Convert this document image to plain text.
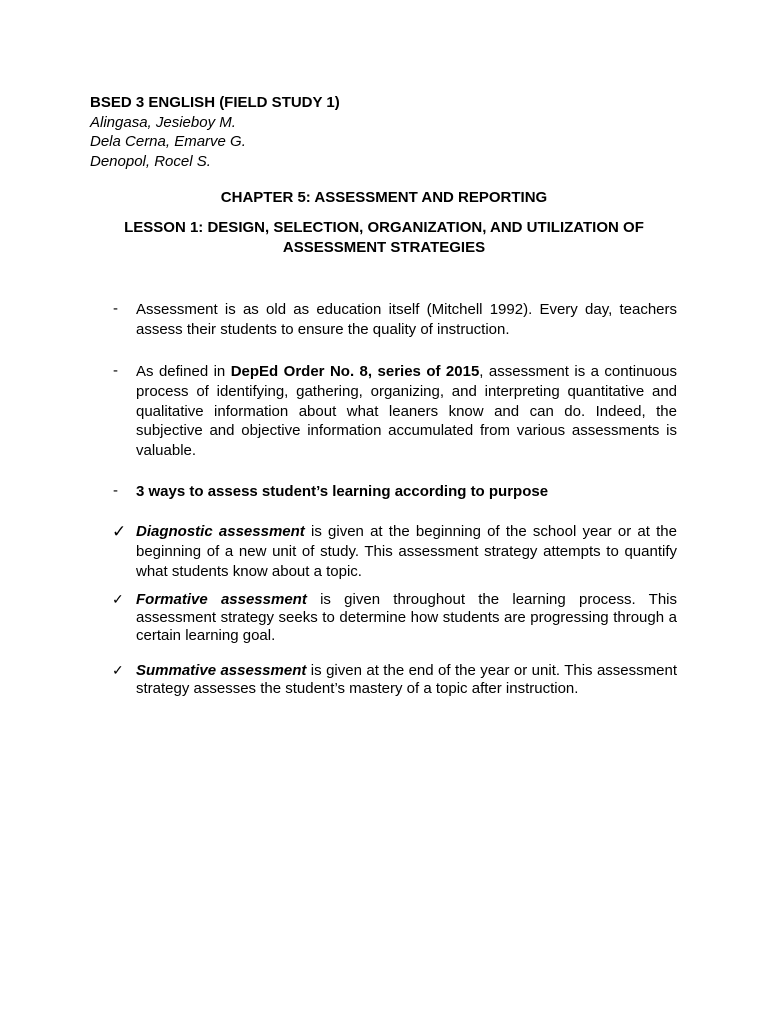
BSED 3 ENGLISH (FIELD STUDY 1)
Alingasa, Jesieboy M.
Dela Cerna, Emarve G.
Denopol, Rocel S.
CHAPTER 5: ASSESSMENT AND REPORTING
LESSON 1: DESIGN, SELECTION, ORGANIZATION, AND UTILIZATION OF ASSESSMENT STRATEGIES
- Assessment is as old as education itself (Mitchell 1992). Every day, teachers assess their students to ensure the quality of instruction.
- As defined in DepEd Order No. 8, series of 2015, assessment is a continuous process of identifying, gathering, organizing, and interpreting quantitative and qualitative information about what leaners know and can do. Indeed, the subjective and objective information accumulated from various assessments is valuable.
- 3 ways to assess student’s learning according to purpose
✓ Diagnostic assessment is given at the beginning of the school year or at the beginning of a new unit of study. This assessment strategy attempts to quantify what students know about a topic.
✓ Formative assessment is given throughout the learning process. This assessment strategy seeks to determine how students are progressing through a certain learning goal.
✓ Summative assessment is given at the end of the year or unit. This assessment strategy assesses the student’s mastery of a topic after instruction.
